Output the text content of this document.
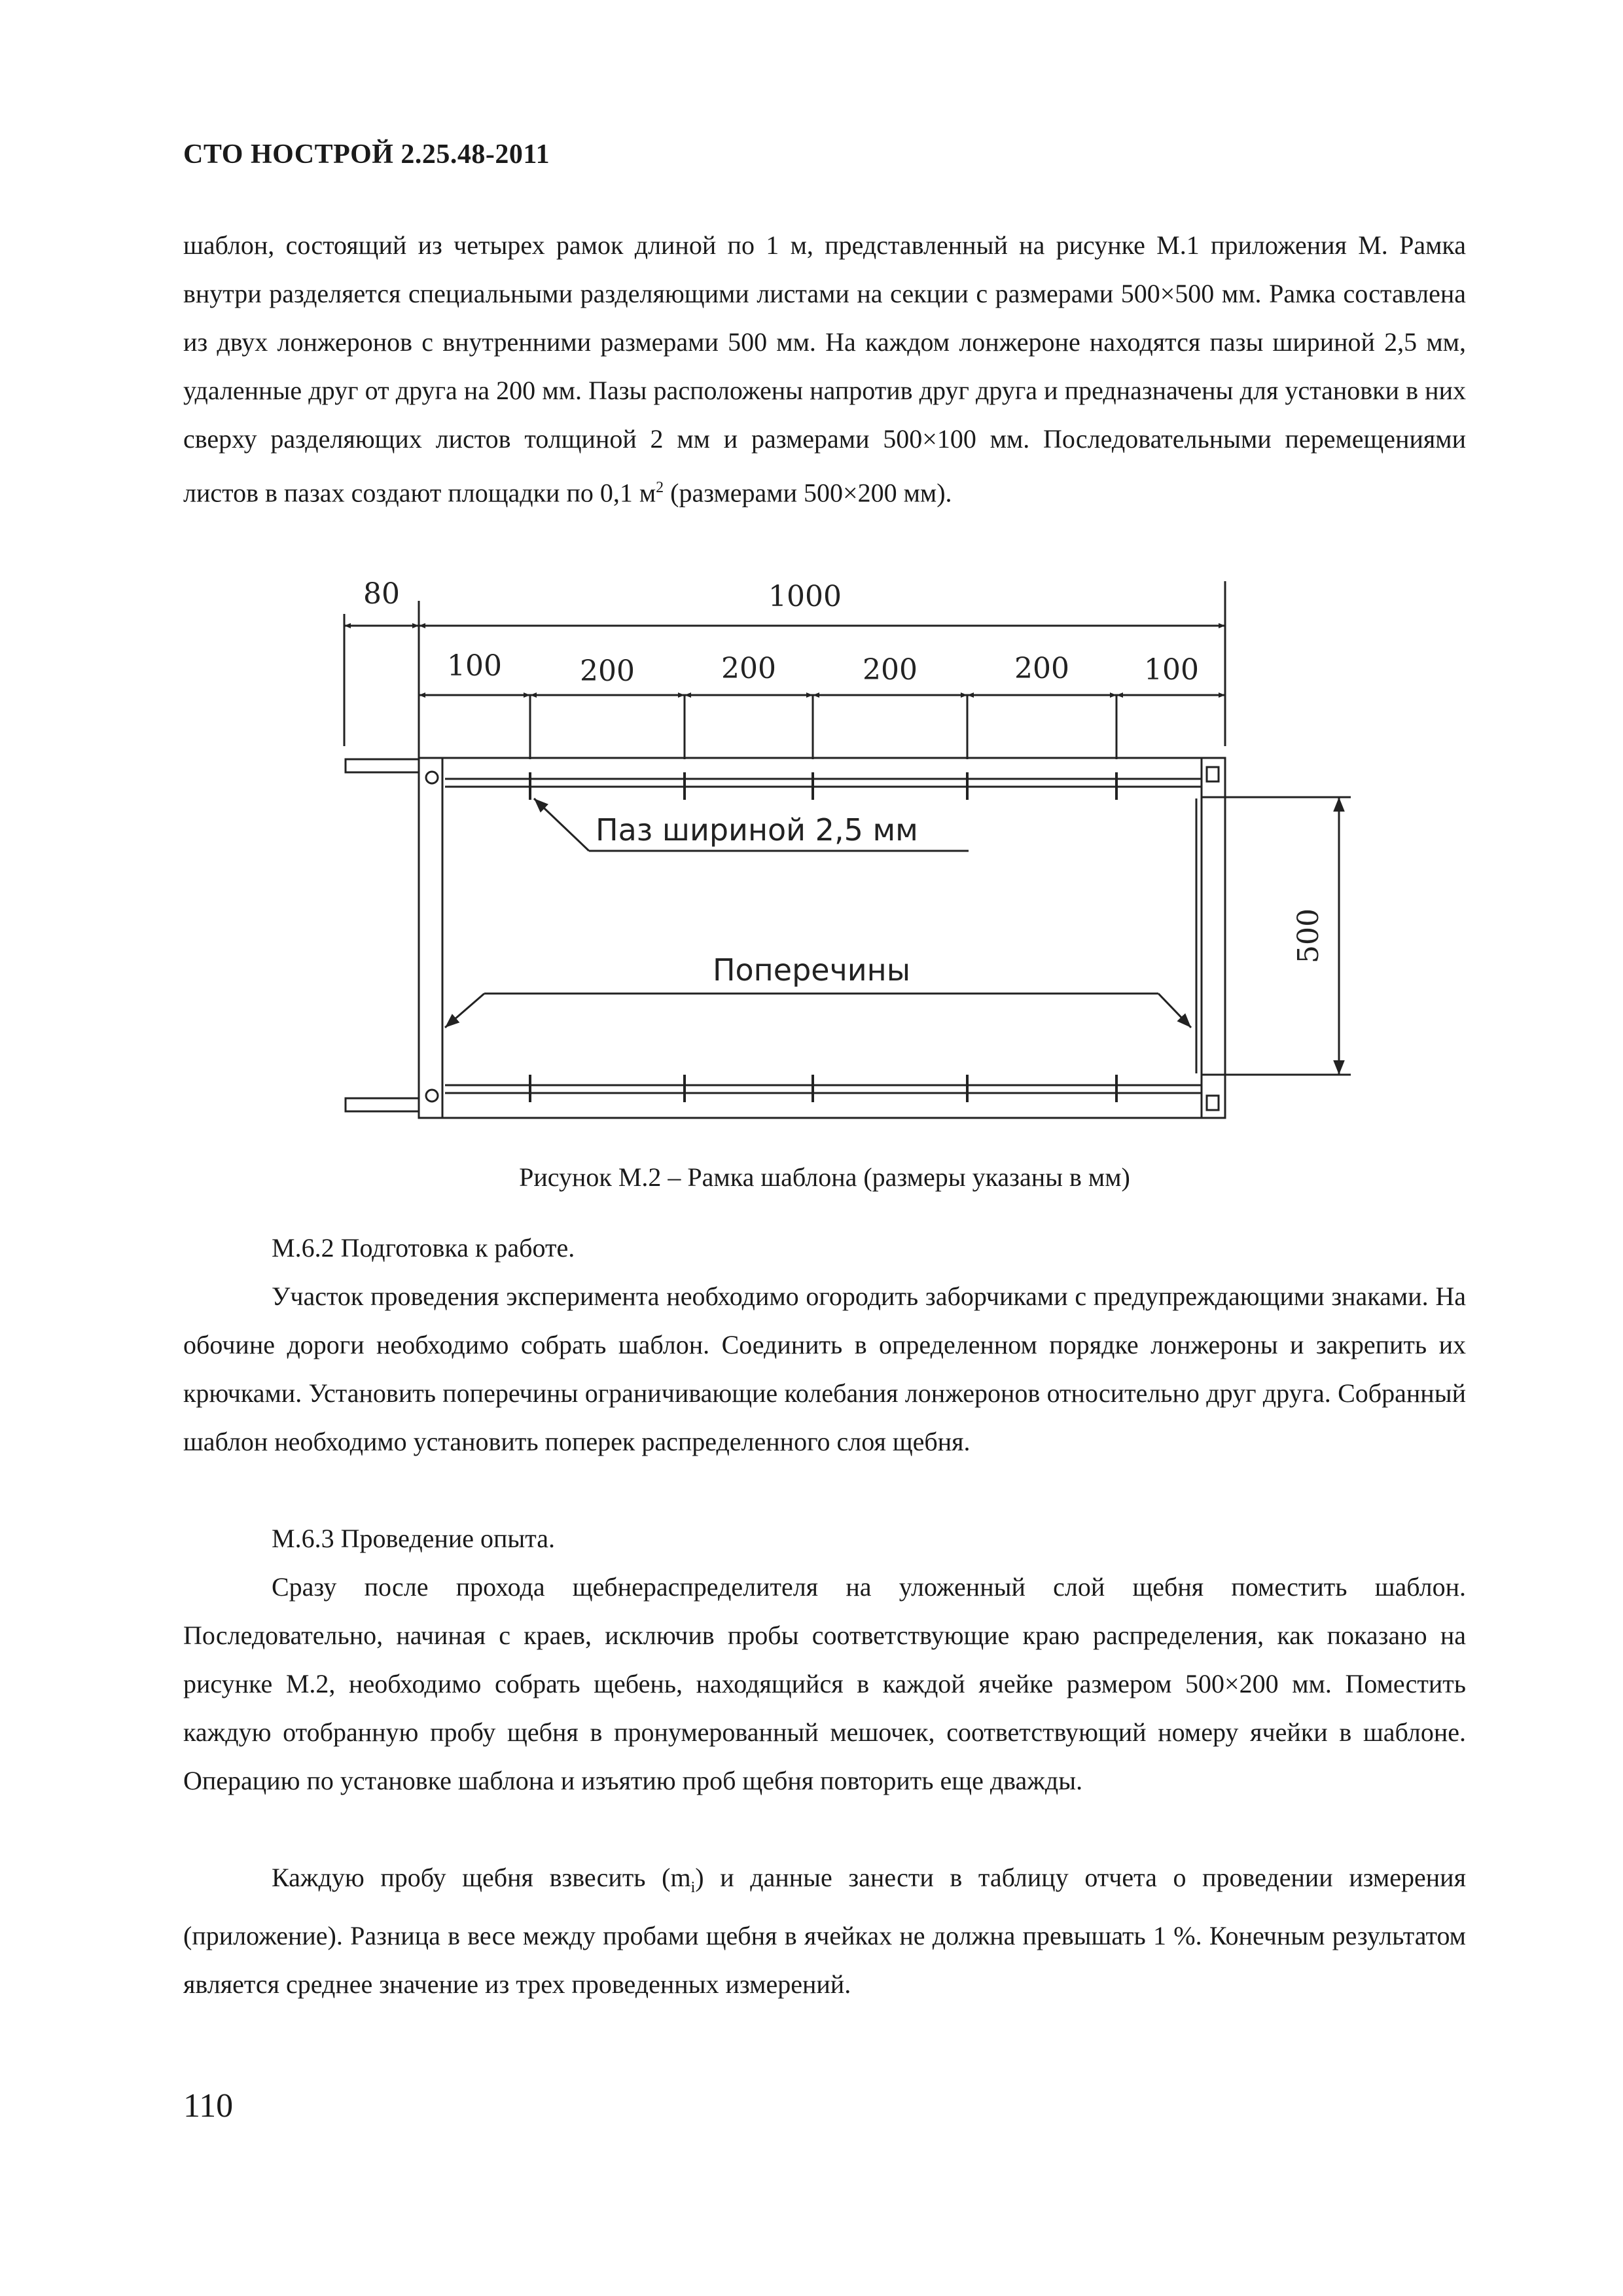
СТО НОСТРОЙ 2.25.48-2011

шаблон, состоящий из четырех рамок длиной по 1 м, представленный на рисунке М.1 приложения М. Рамка внутри разделяется специальными разделяющими листами на секции с размерами 500×500 мм. Рамка составлена из двух лонжеронов с внутренними размерами 500 мм. На каждом лонжероне находятся пазы шириной 2,5 мм, удаленные друг от друга на 200 мм. Пазы расположены напротив друг друга и предназначены для установки в них сверху разделяющих листов толщиной 2 мм и размерами 500×100 мм. Последовательными перемещениями листов в пазах создают площадки по 0,1 $м^2$ (размерами 500×200 мм).

80	1000
100	200	200	200	200	100
500
Паз шириной 2,5 мм
Поперечины
Рисунок М.2 – Рамка шаблона (размеры указаны в мм)

М.6.2 Подготовка к работе.

Участок проведения эксперимента необходимо огородить заборчиками с предупреждающими знаками. На обочине дороги необходимо собрать шаблон. Соединить в определенном порядке лонжероны и закрепить их крючками. Установить поперечины ограничивающие колебания лонжеронов относительно друг друга. Собранный шаблон необходимо установить поперек распределенного слоя щебня.

М.6.3 Проведение опыта.

Сразу после прохода щебнераспределителя на уложенный слой щебня поместить шаблон. Последовательно, начиная с краев, исключив пробы соответствующие краю распределения, как показано на рисунке М.2, необходимо собрать щебень, находящийся в каждой ячейке размером 500×200 мм. Поместить каждую отобранную пробу щебня в пронумерованный мешочек, соответствующий номеру ячейки в шаблоне. Операцию по установке шаблона и изъятию проб щебня повторить еще дважды.

Каждую пробу щебня взвесить $(m_i)$ и данные занести в таблицу отчета о проведении измерения (приложение). Разница в весе между пробами щебня в ячейках не должна превышать 1 %. Конечным результатом является среднее значение из трех проведенных измерений.

110
